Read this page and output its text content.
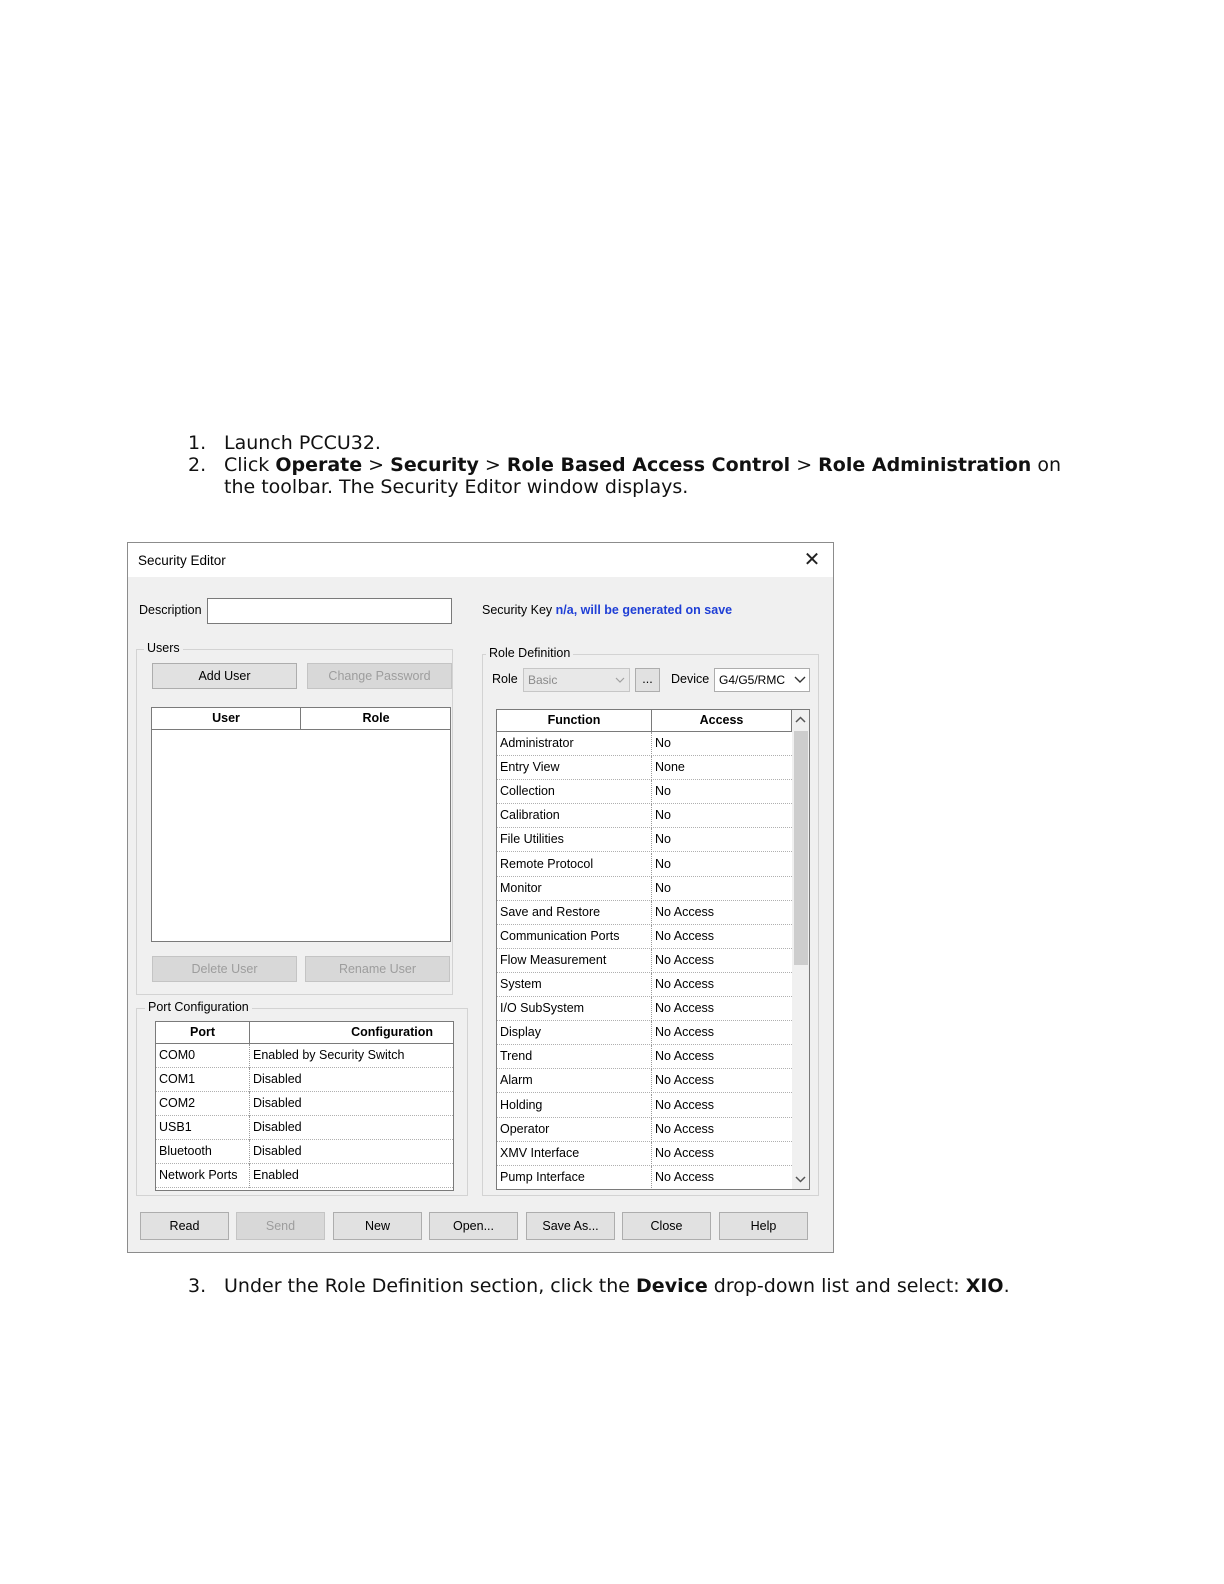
1. Launch PCCU32.
2. Click Operate > Security > Role Based Access Control > Role Administration on the toolbar. The Security Editor window displays.
3. Under the Role Definition section, click the Device drop-down list and select: XIO.
Security Editor	✕
Description	Security Key n/a, will be generated on save
Users
Add User	Change Password
User	Role
Delete User	Rename User
Port Configuration
Port	Configuration
COM0	Enabled by Security Switch
COM1	Disabled
COM2	Disabled
USB1	Disabled
Bluetooth	Disabled
Network Ports	Enabled
Role Definition
Role Basic	...	Device G4/G5/RMC
Function	Access
Administrator	No
Entry View	None
Collection	No
Calibration	No
File Utilities	No
Remote Protocol	No
Monitor	No
Save and Restore	No Access
Communication Ports	No Access
Flow Measurement	No Access
System	No Access
I/O SubSystem	No Access
Display	No Access
Trend	No Access
Alarm	No Access
Holding	No Access
Operator	No Access
XMV Interface	No Access
Pump Interface	No Access
Read	Send	New	Open...	Save As...	Close	Help
